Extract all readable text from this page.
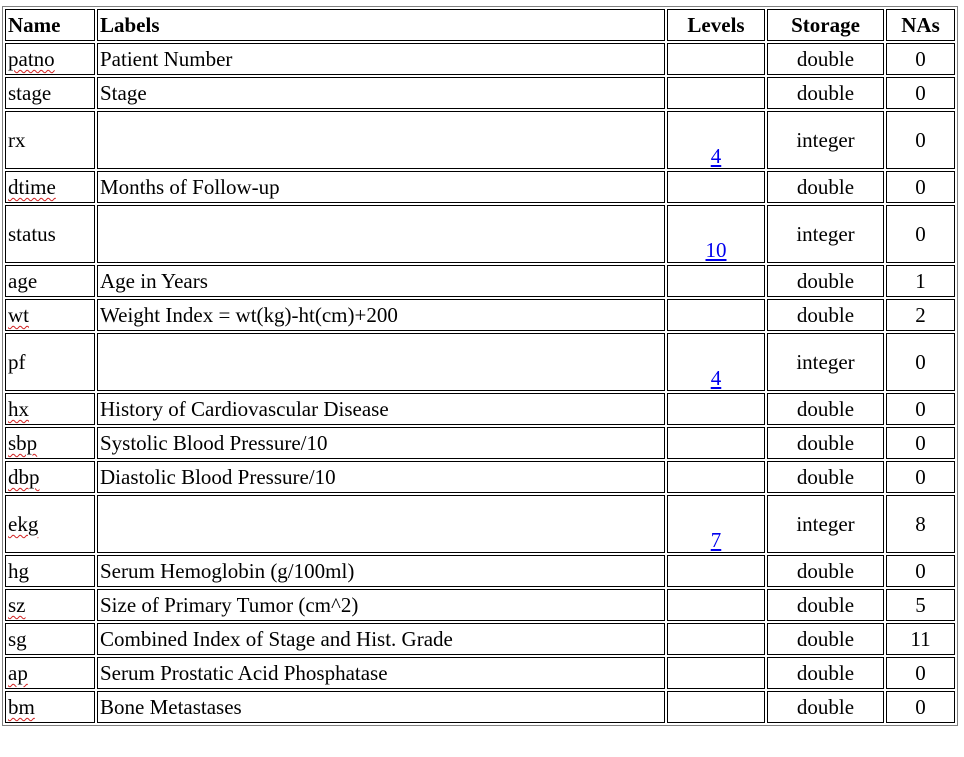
Name	Labels	Levels	Storage	NAs
patno	Patient Number		double	0
stage	Stage		double	0
rx		4	integer	0
dtime	Months of Follow-up		double	0
status		10	integer	0
age	Age in Years		double	1
wt	Weight Index = wt(kg)-ht(cm)+200		double	2
pf		4	integer	0
hx	History of Cardiovascular Disease		double	0
sbp	Systolic Blood Pressure/10		double	0
dbp	Diastolic Blood Pressure/10		double	0
ekg		7	integer	8
hg	Serum Hemoglobin (g/100ml)		double	0
sz	Size of Primary Tumor (cm^2)		double	5
sg	Combined Index of Stage and Hist. Grade		double	11
ap	Serum Prostatic Acid Phosphatase		double	0
bm	Bone Metastases		double	0
